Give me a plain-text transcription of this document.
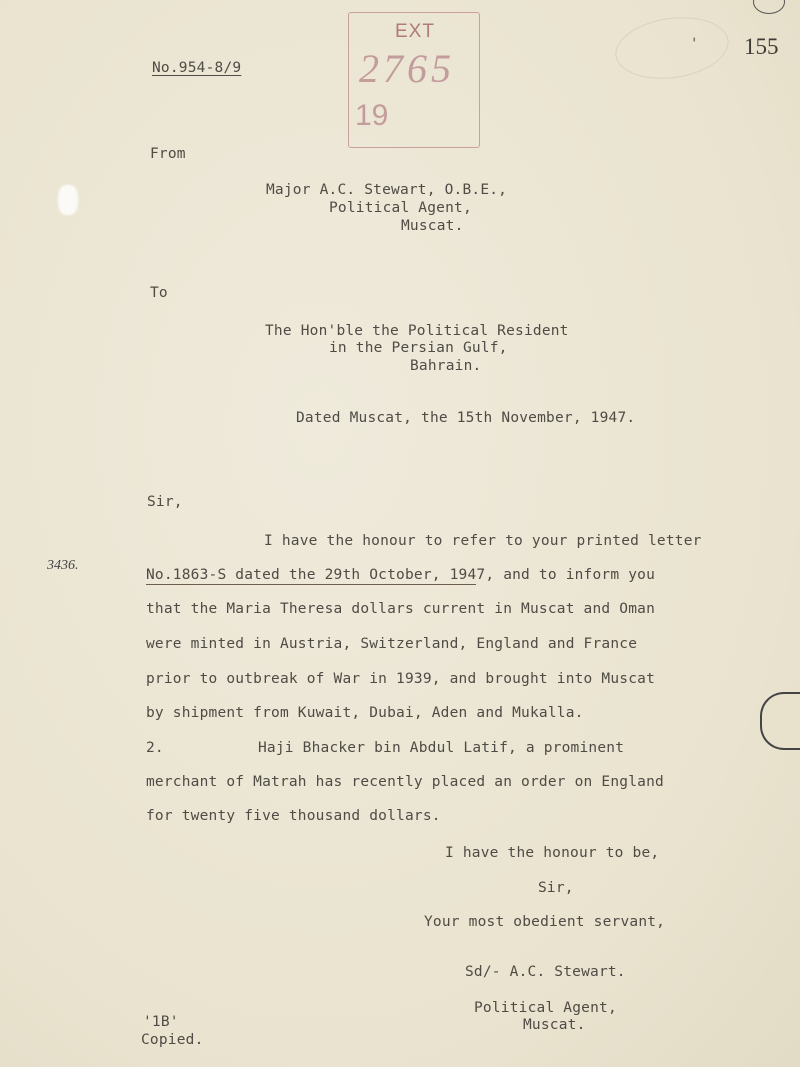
No.954-8/9
EXT
2765
19
' 155
From
Major A.C. Stewart, O.B.E.,
Political Agent,
Muscat.
To
The Hon'ble the Political Resident
in the Persian Gulf,
Bahrain.
Dated Muscat, the 15th November, 1947.
Sir,
I have the honour to refer to your printed letter
3436.
No.1863-S dated the 29th October, 1947, and to inform you
that the Maria Theresa dollars current in Muscat and Oman
were minted in Austria, Switzerland, England and France
prior to outbreak of War in 1939, and brought into Muscat
by shipment from Kuwait, Dubai, Aden and Mukalla.
2.	Haji Bhacker bin Abdul Latif, a prominent
merchant of Matrah has recently placed an order on England
for twenty five thousand dollars.
I have the honour to be,
Sir,
Your most obedient servant,
Sd/- A.C. Stewart.
Political Agent,
Muscat.
'1B'
Copied.
